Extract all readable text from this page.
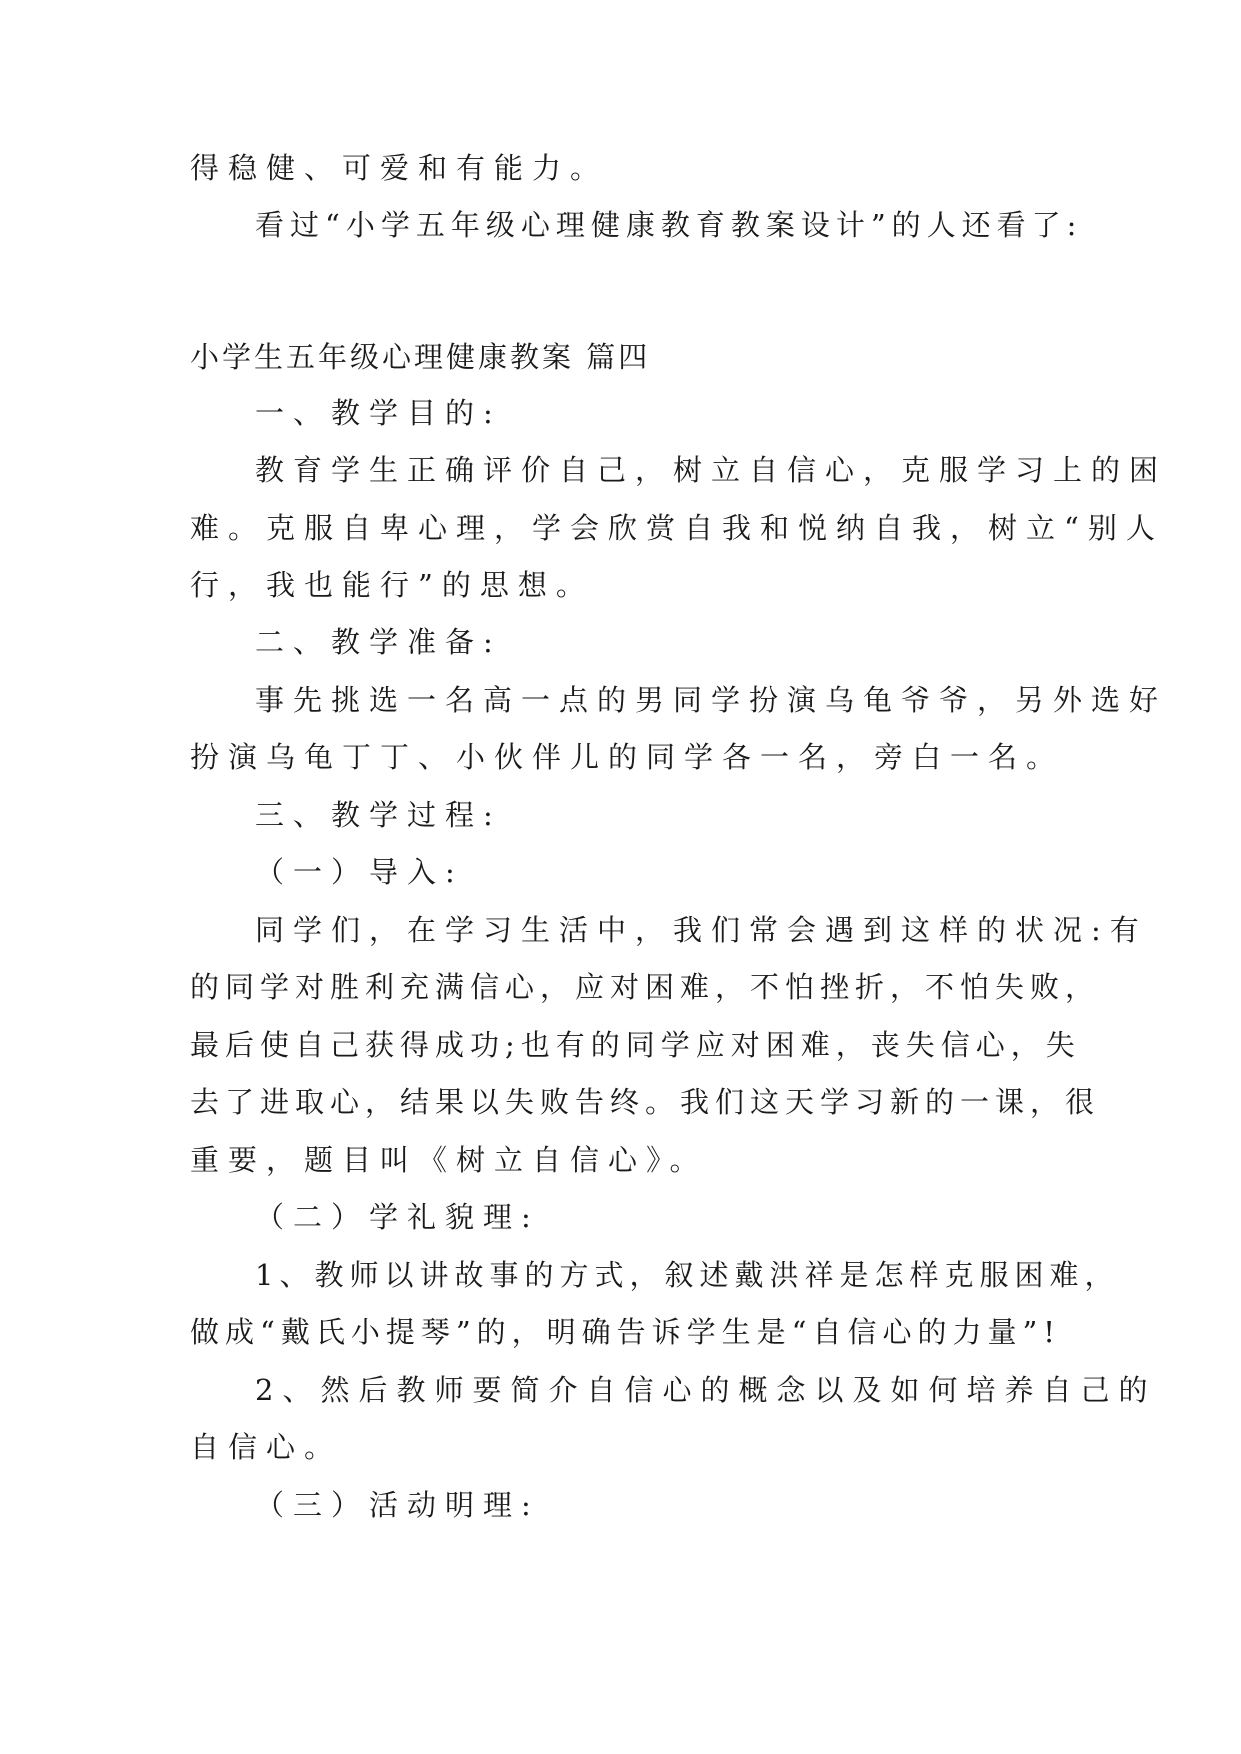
得稳健、可爱和有能力。

看过“小学五年级心理健康教育教案设计”的人还看了:

小学生五年级心理健康教案 篇四

一、教学目的:

教育学生正确评价自己，树立自信心，克服学习上的困

难。克服自卑心理，学会欣赏自我和悦纳自我，树立“别人

行，我也能行”的思想。

二、教学准备:

事先挑选一名高一点的男同学扮演乌龟爷爷，另外选好

扮演乌龟丁丁、小伙伴儿的同学各一名，旁白一名。

三、教学过程:

（一）导入:

同学们，在学习生活中，我们常会遇到这样的状况:有

的同学对胜利充满信心，应对困难，不怕挫折，不怕失败，

最后使自己获得成功;也有的同学应对困难，丧失信心，失

去了进取心，结果以失败告终。我们这天学习新的一课，很

重要，题目叫《树立自信心》。

（二）学礼貌理:

1、教师以讲故事的方式，叙述戴洪祥是怎样克服困难，

做成“戴氏小提琴”的，明确告诉学生是“自信心的力量”!

2、然后教师要简介自信心的概念以及如何培养自己的

自信心。

（三）活动明理:
